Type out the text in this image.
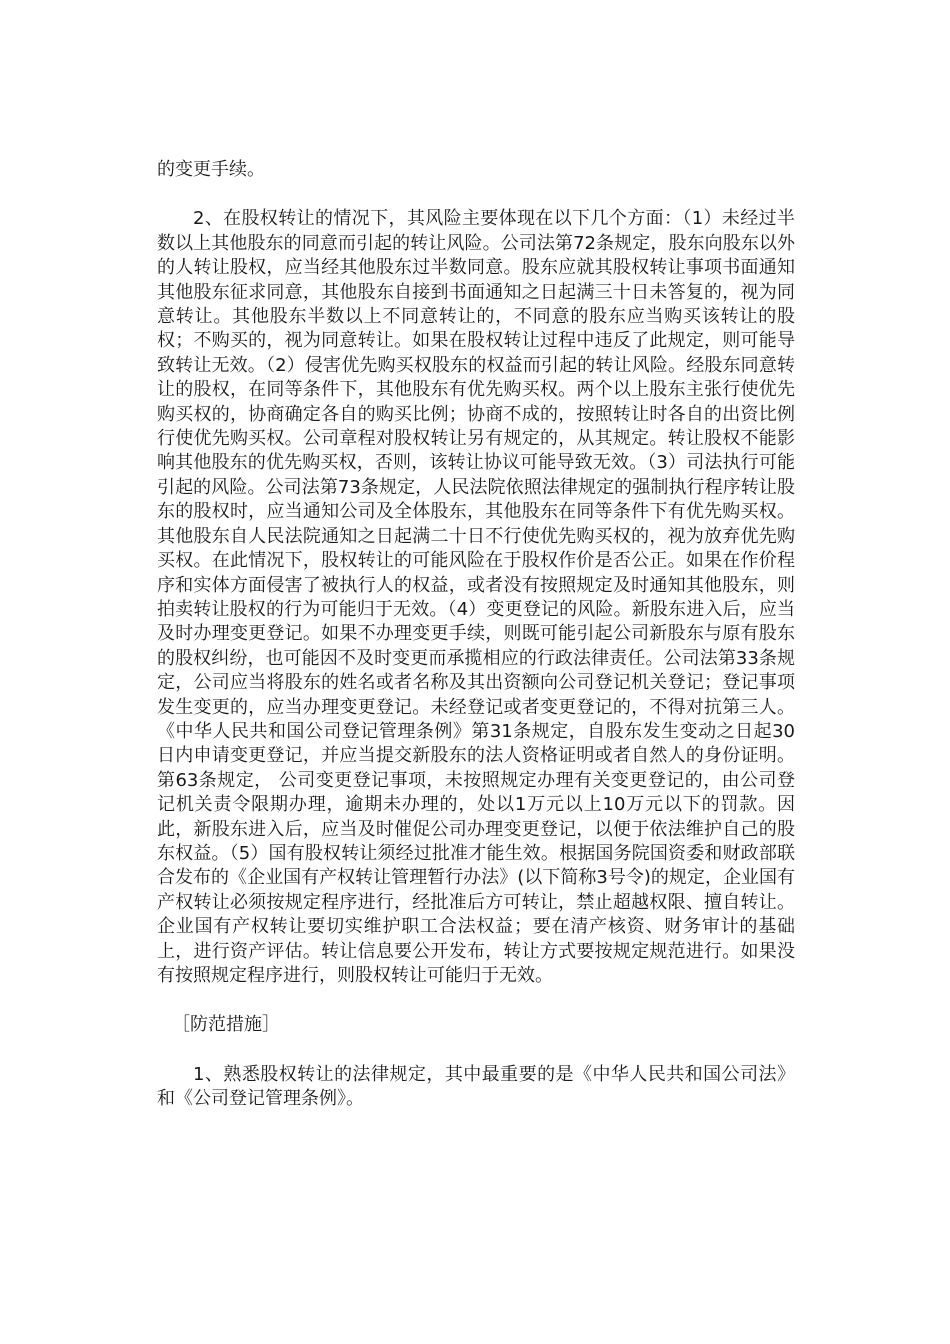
的变更手续。

2、在股权转让的情况下，其风险主要体现在以下几个方面：（1）未经过半数以上其他股东的同意而引起的转让风险。公司法第72条规定，股东向股东以外的人转让股权，应当经其他股东过半数同意。股东应就其股权转让事项书面通知其他股东征求同意，其他股东自接到书面通知之日起满三十日未答复的，视为同意转让。其他股东半数以上不同意转让的，不同意的股东应当购买该转让的股权；不购买的，视为同意转让。如果在股权转让过程中违反了此规定，则可能导致转让无效。（2）侵害优先购买权股东的权益而引起的转让风险。经股东同意转让的股权，在同等条件下，其他股东有优先购买权。两个以上股东主张行使优先购买权的，协商确定各自的购买比例；协商不成的，按照转让时各自的出资比例行使优先购买权。公司章程对股权转让另有规定的，从其规定。转让股权不能影响其他股东的优先购买权，否则，该转让协议可能导致无效。（3）司法执行可能引起的风险。公司法第73条规定，人民法院依照法律规定的强制执行程序转让股东的股权时，应当通知公司及全体股东，其他股东在同等条件下有优先购买权。其他股东自人民法院通知之日起满二十日不行使优先购买权的，视为放弃优先购买权。在此情况下，股权转让的可能风险在于股权作价是否公正。如果在作价程序和实体方面侵害了被执行人的权益，或者没有按照规定及时通知其他股东，则拍卖转让股权的行为可能归于无效。（4）变更登记的风险。新股东进入后，应当及时办理变更登记。如果不办理变更手续，则既可能引起公司新股东与原有股东的股权纠纷，也可能因不及时变更而承揽相应的行政法律责任。公司法第33条规定，公司应当将股东的姓名或者名称及其出资额向公司登记机关登记；登记事项发生变更的，应当办理变更登记。未经登记或者变更登记的，不得对抗第三人。《中华人民共和国公司登记管理条例》第31条规定，自股东发生变动之日起30日内申请变更登记，并应当提交新股东的法人资格证明或者自然人的身份证明。第63条规定， 公司变更登记事项，未按照规定办理有关变更登记的，由公司登记机关责令限期办理，逾期未办理的，处以1万元以上10万元以下的罚款。因此，新股东进入后，应当及时催促公司办理变更登记，以便于依法维护自己的股东权益。（5）国有股权转让须经过批准才能生效。根据国务院国资委和财政部联合发布的《企业国有产权转让管理暂行办法》(以下简称3号令)的规定，企业国有产权转让必须按规定程序进行，经批准后方可转让，禁止超越权限、擅自转让。企业国有产权转让要切实维护职工合法权益；要在清产核资、财务审计的基础上，进行资产评估。转让信息要公开发布，转让方式要按规定规范进行。如果没有按照规定程序进行，则股权转让可能归于无效。

［防范措施］

1、熟悉股权转让的法律规定，其中最重要的是《中华人民共和国公司法》和《公司登记管理条例》。
